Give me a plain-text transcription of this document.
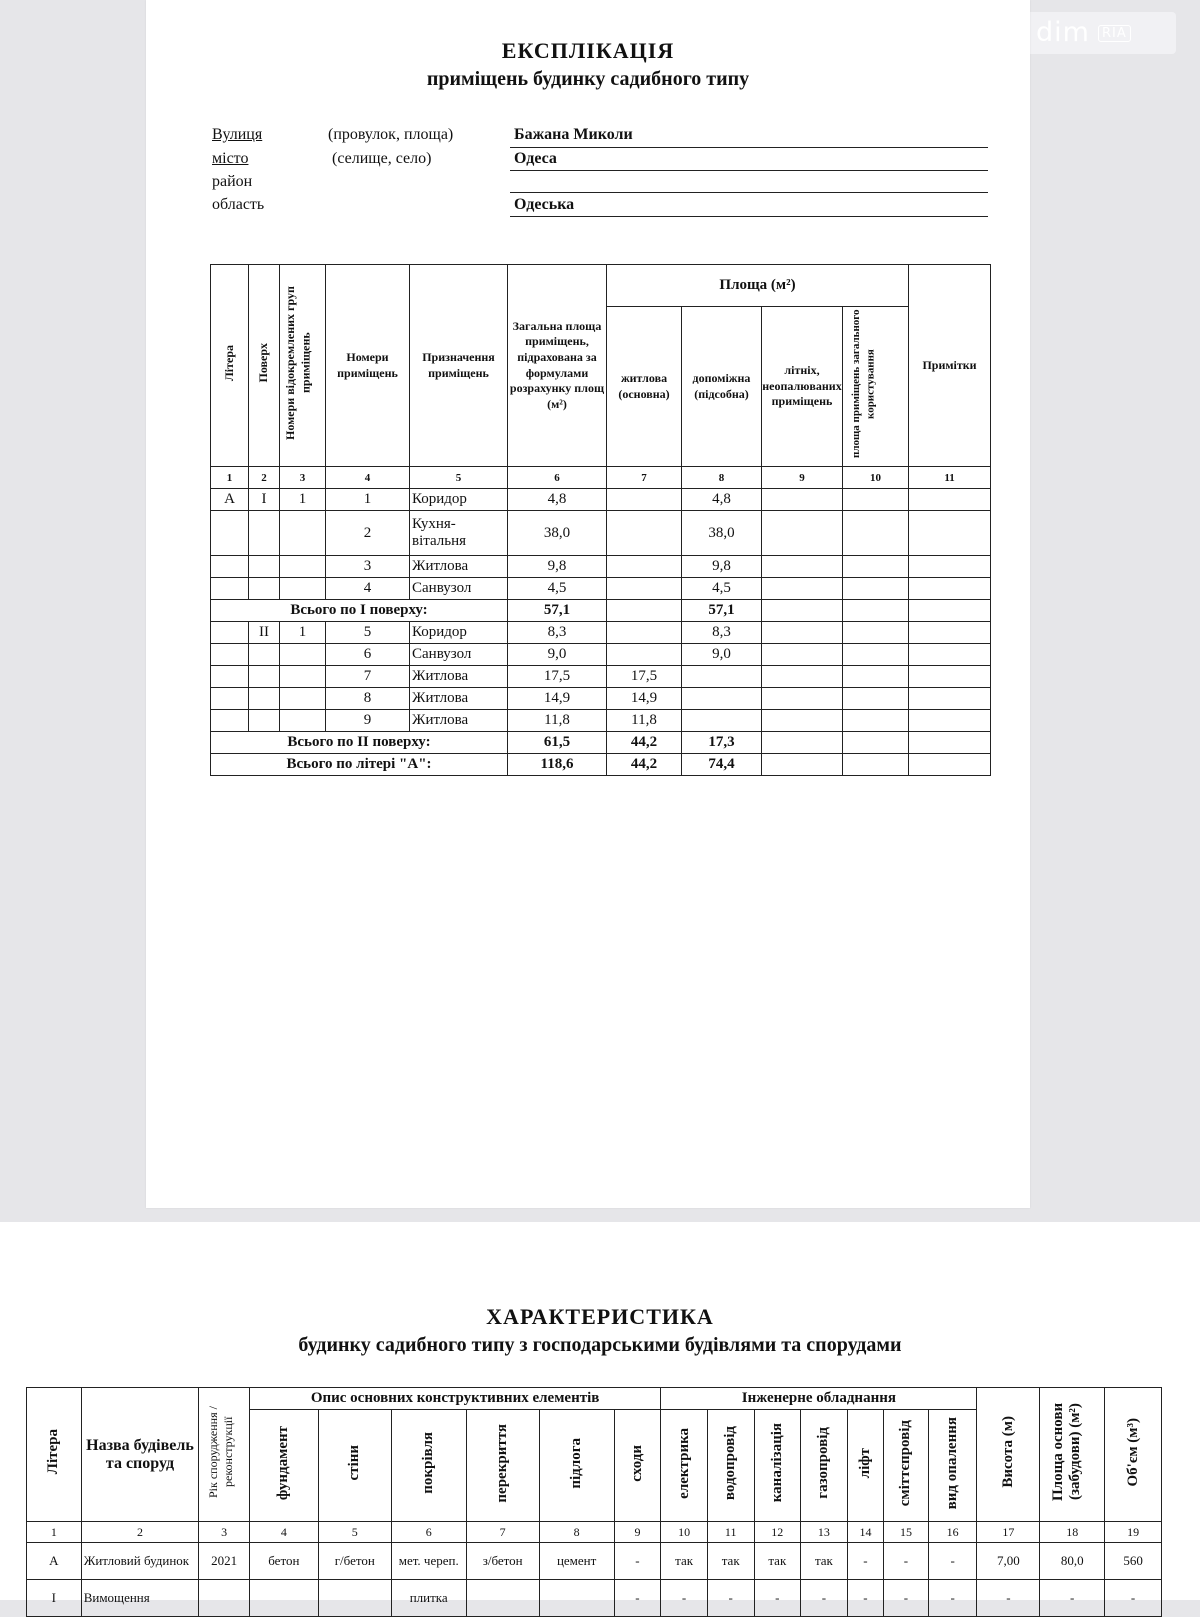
dim RIA
ЕКСПЛІКАЦІЯ
приміщень будинку садибного типу
Вулиця	(провулок, площа)	Бажана Миколи
місто	(селище, село)	Одеса
район
область	Одеська
Літера	Поверх	Номери відокремлених груп приміщень	Номери приміщень	Призначення приміщень	Загальна площа приміщень, підрахована за формулами розрахунку площ (м²)	Площа (м²)				Примітки
						житлова (основна)	допоміжна (підсобна)	літніх, неопалюваних приміщень	площа приміщень загального користування	
1	2	3	4	5	6	7	8	9	10	11
А	І	1	1	Коридор	4,8		4,8			
			2	Кухня-вітальня	38,0		38,0			
			3	Житлова	9,8		9,8			
			4	Санвузол	4,5		4,5			
Всього по І поверху:					57,1		57,1			
	ІІ	1	5	Коридор	8,3		8,3			
			6	Санвузол	9,0		9,0			
			7	Житлова	17,5	17,5				
			8	Житлова	14,9	14,9				
			9	Житлова	11,8	11,8				
Всього по ІІ поверху:					61,5	44,2	17,3			
Всього по літері "А":					118,6	44,2	74,4			
ХАРАКТЕРИСТИКА
будинку садибного типу з господарськими будівлями та спорудами
Літера	Назва будівель та споруд	Рік спорудження / реконструкції	Опис основних конструктивних елементів						Інженерне обладнання							Висота (м)	Площа основи (забудови) (м²)	Об'єм (м³)
			фундамент	стіни	покрівля	перекриття	підлога	сходи	електрика	водопровід	каналізація	газопровід	ліфт	сміттєпровід	вид опалення			
1	2	3	4	5	6	7	8	9	10	11	12	13	14	15	16	17	18	19
А	Житловий будинок	2021	бетон	г/бетон	мет. череп.	з/бетон	цемент	-	так	так	так	так	-	-	-	7,00	80,0	560
І	Вимощення				плитка			-	-	-	-	-	-	-	-	-	-	-
